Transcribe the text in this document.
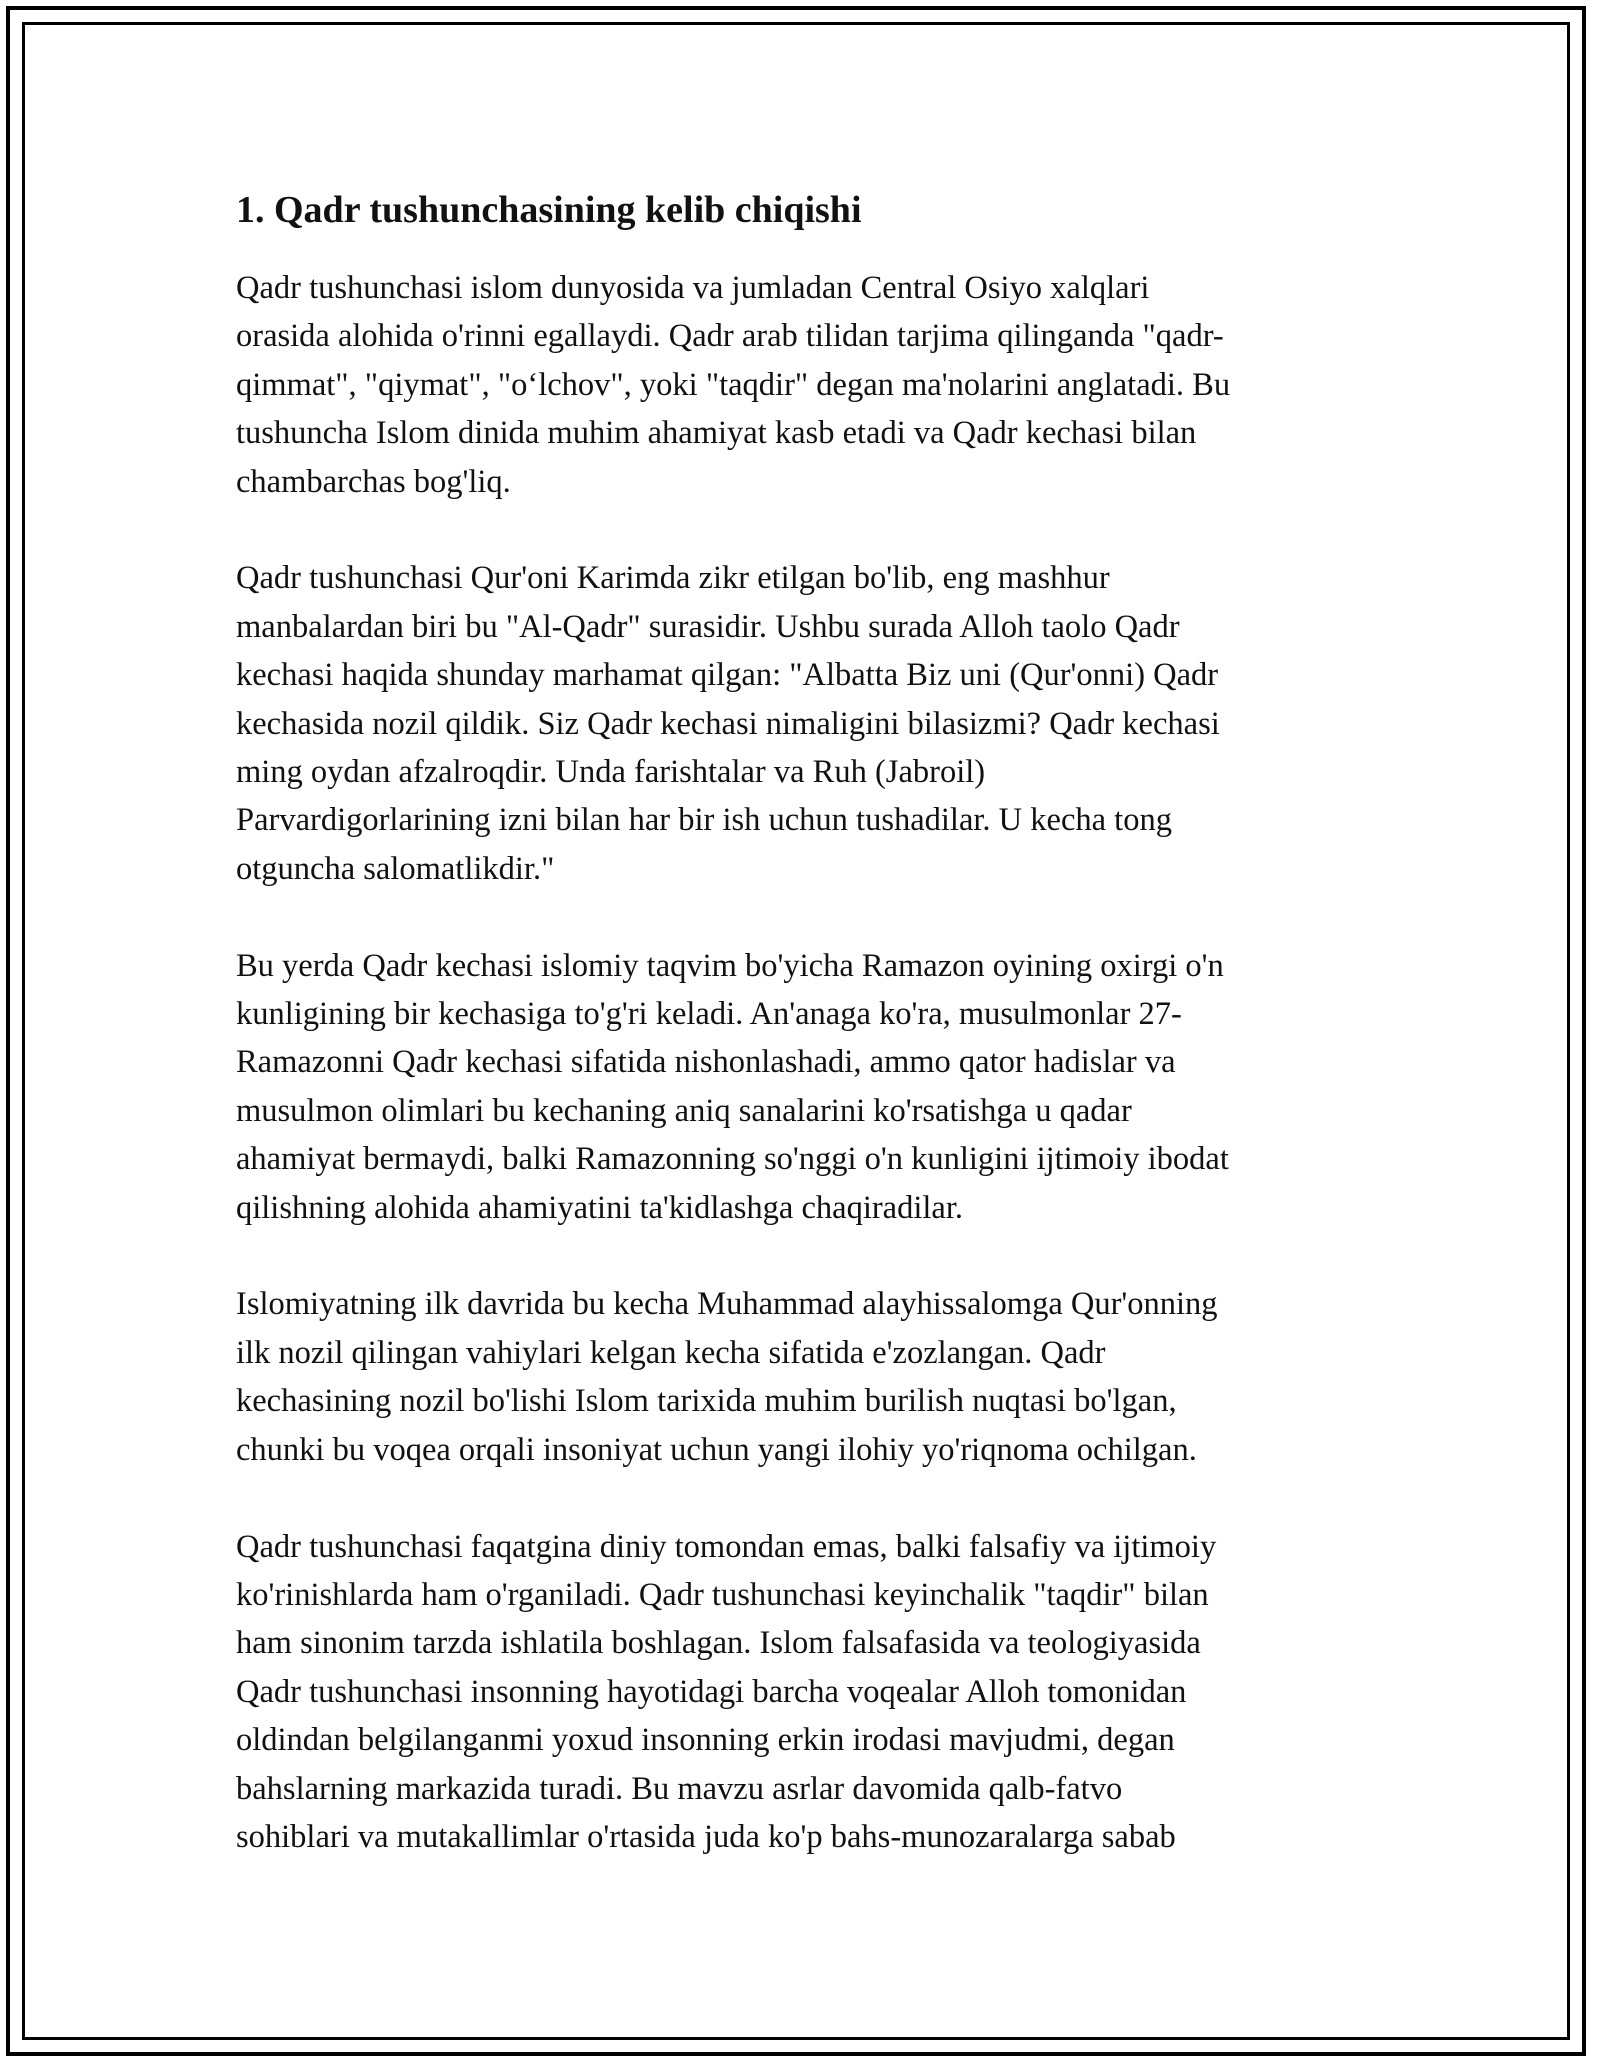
1. Qadr tushunchasining kelib chiqishi

Qadr tushunchasi islom dunyosida va jumladan Central Osiyo xalqlari
orasida alohida o'rinni egallaydi. Qadr arab tilidan tarjima qilinganda "qadr-
qimmat", "qiymat", "o‘lchov", yoki "taqdir" degan ma'nolarini anglatadi. Bu
tushuncha Islom dinida muhim ahamiyat kasb etadi va Qadr kechasi bilan
chambarchas bog'liq.

Qadr tushunchasi Qur'oni Karimda zikr etilgan bo'lib, eng mashhur
manbalardan biri bu "Al-Qadr" surasidir. Ushbu surada Alloh taolo Qadr
kechasi haqida shunday marhamat qilgan: "Albatta Biz uni (Qur'onni) Qadr
kechasida nozil qildik. Siz Qadr kechasi nimaligini bilasizmi? Qadr kechasi
ming oydan afzalroqdir. Unda farishtalar va Ruh (Jabroil)
Parvardigorlarining izni bilan har bir ish uchun tushadilar. U kecha tong
otguncha salomatlikdir."

Bu yerda Qadr kechasi islomiy taqvim bo'yicha Ramazon oyining oxirgi o'n
kunligining bir kechasiga to'g'ri keladi. An'anaga ko'ra, musulmonlar 27-
Ramazonni Qadr kechasi sifatida nishonlashadi, ammo qator hadislar va
musulmon olimlari bu kechaning aniq sanalarini ko'rsatishga u qadar
ahamiyat bermaydi, balki Ramazonning so'nggi o'n kunligini ijtimoiy ibodat
qilishning alohida ahamiyatini ta'kidlashga chaqiradilar.

Islomiyatning ilk davrida bu kecha Muhammad alayhissalomga Qur'onning
ilk nozil qilingan vahiylari kelgan kecha sifatida e'zozlangan. Qadr
kechasining nozil bo'lishi Islom tarixida muhim burilish nuqtasi bo'lgan,
chunki bu voqea orqali insoniyat uchun yangi ilohiy yo'riqnoma ochilgan.

Qadr tushunchasi faqatgina diniy tomondan emas, balki falsafiy va ijtimoiy
ko'rinishlarda ham o'rganiladi. Qadr tushunchasi keyinchalik "taqdir" bilan
ham sinonim tarzda ishlatila boshlagan. Islom falsafasida va teologiyasida
Qadr tushunchasi insonning hayotidagi barcha voqealar Alloh tomonidan
oldindan belgilanganmi yoxud insonning erkin irodasi mavjudmi, degan
bahslarning markazida turadi. Bu mavzu asrlar davomida qalb-fatvo
sohiblari va mutakallimlar o'rtasida juda ko'p bahs-munozaralarga sabab
